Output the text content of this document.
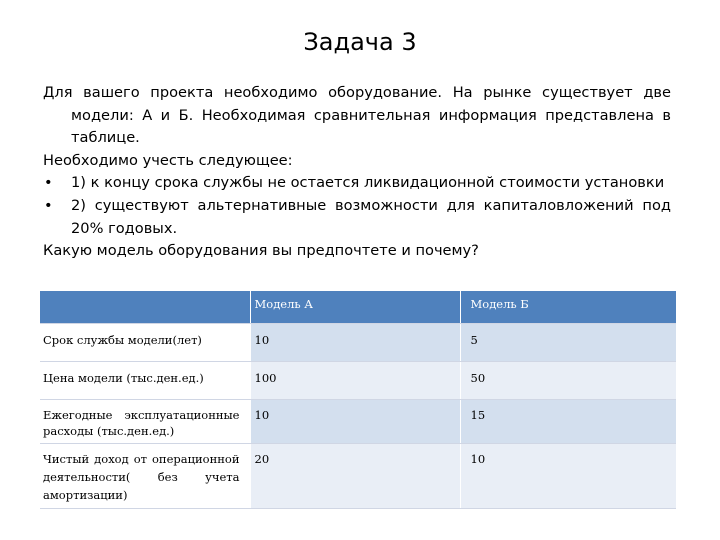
Задача 3

Для вашего проекта необходимо оборудование. На рынке существует две модели: А и Б. Необходимая сравнительная информация представлена в таблице.

Необходимо учесть следующее:

•	1) к концу срока службы не остается ликвидационной стоимости установки
•	2) существуют альтернативные возможности для капиталовложений под 20% годовых.

Какую модель оборудования вы предпочтете и почему?

	Модель А	Модель Б
Срок службы модели(лет)	10	5
Цена модели (тыс.ден.ед.)	100	50
Ежегодные эксплуатационные расходы (тыс.ден.ед.)	10	15
Чистый доход от операционной деятельности( без учета амортизации)	20	10
